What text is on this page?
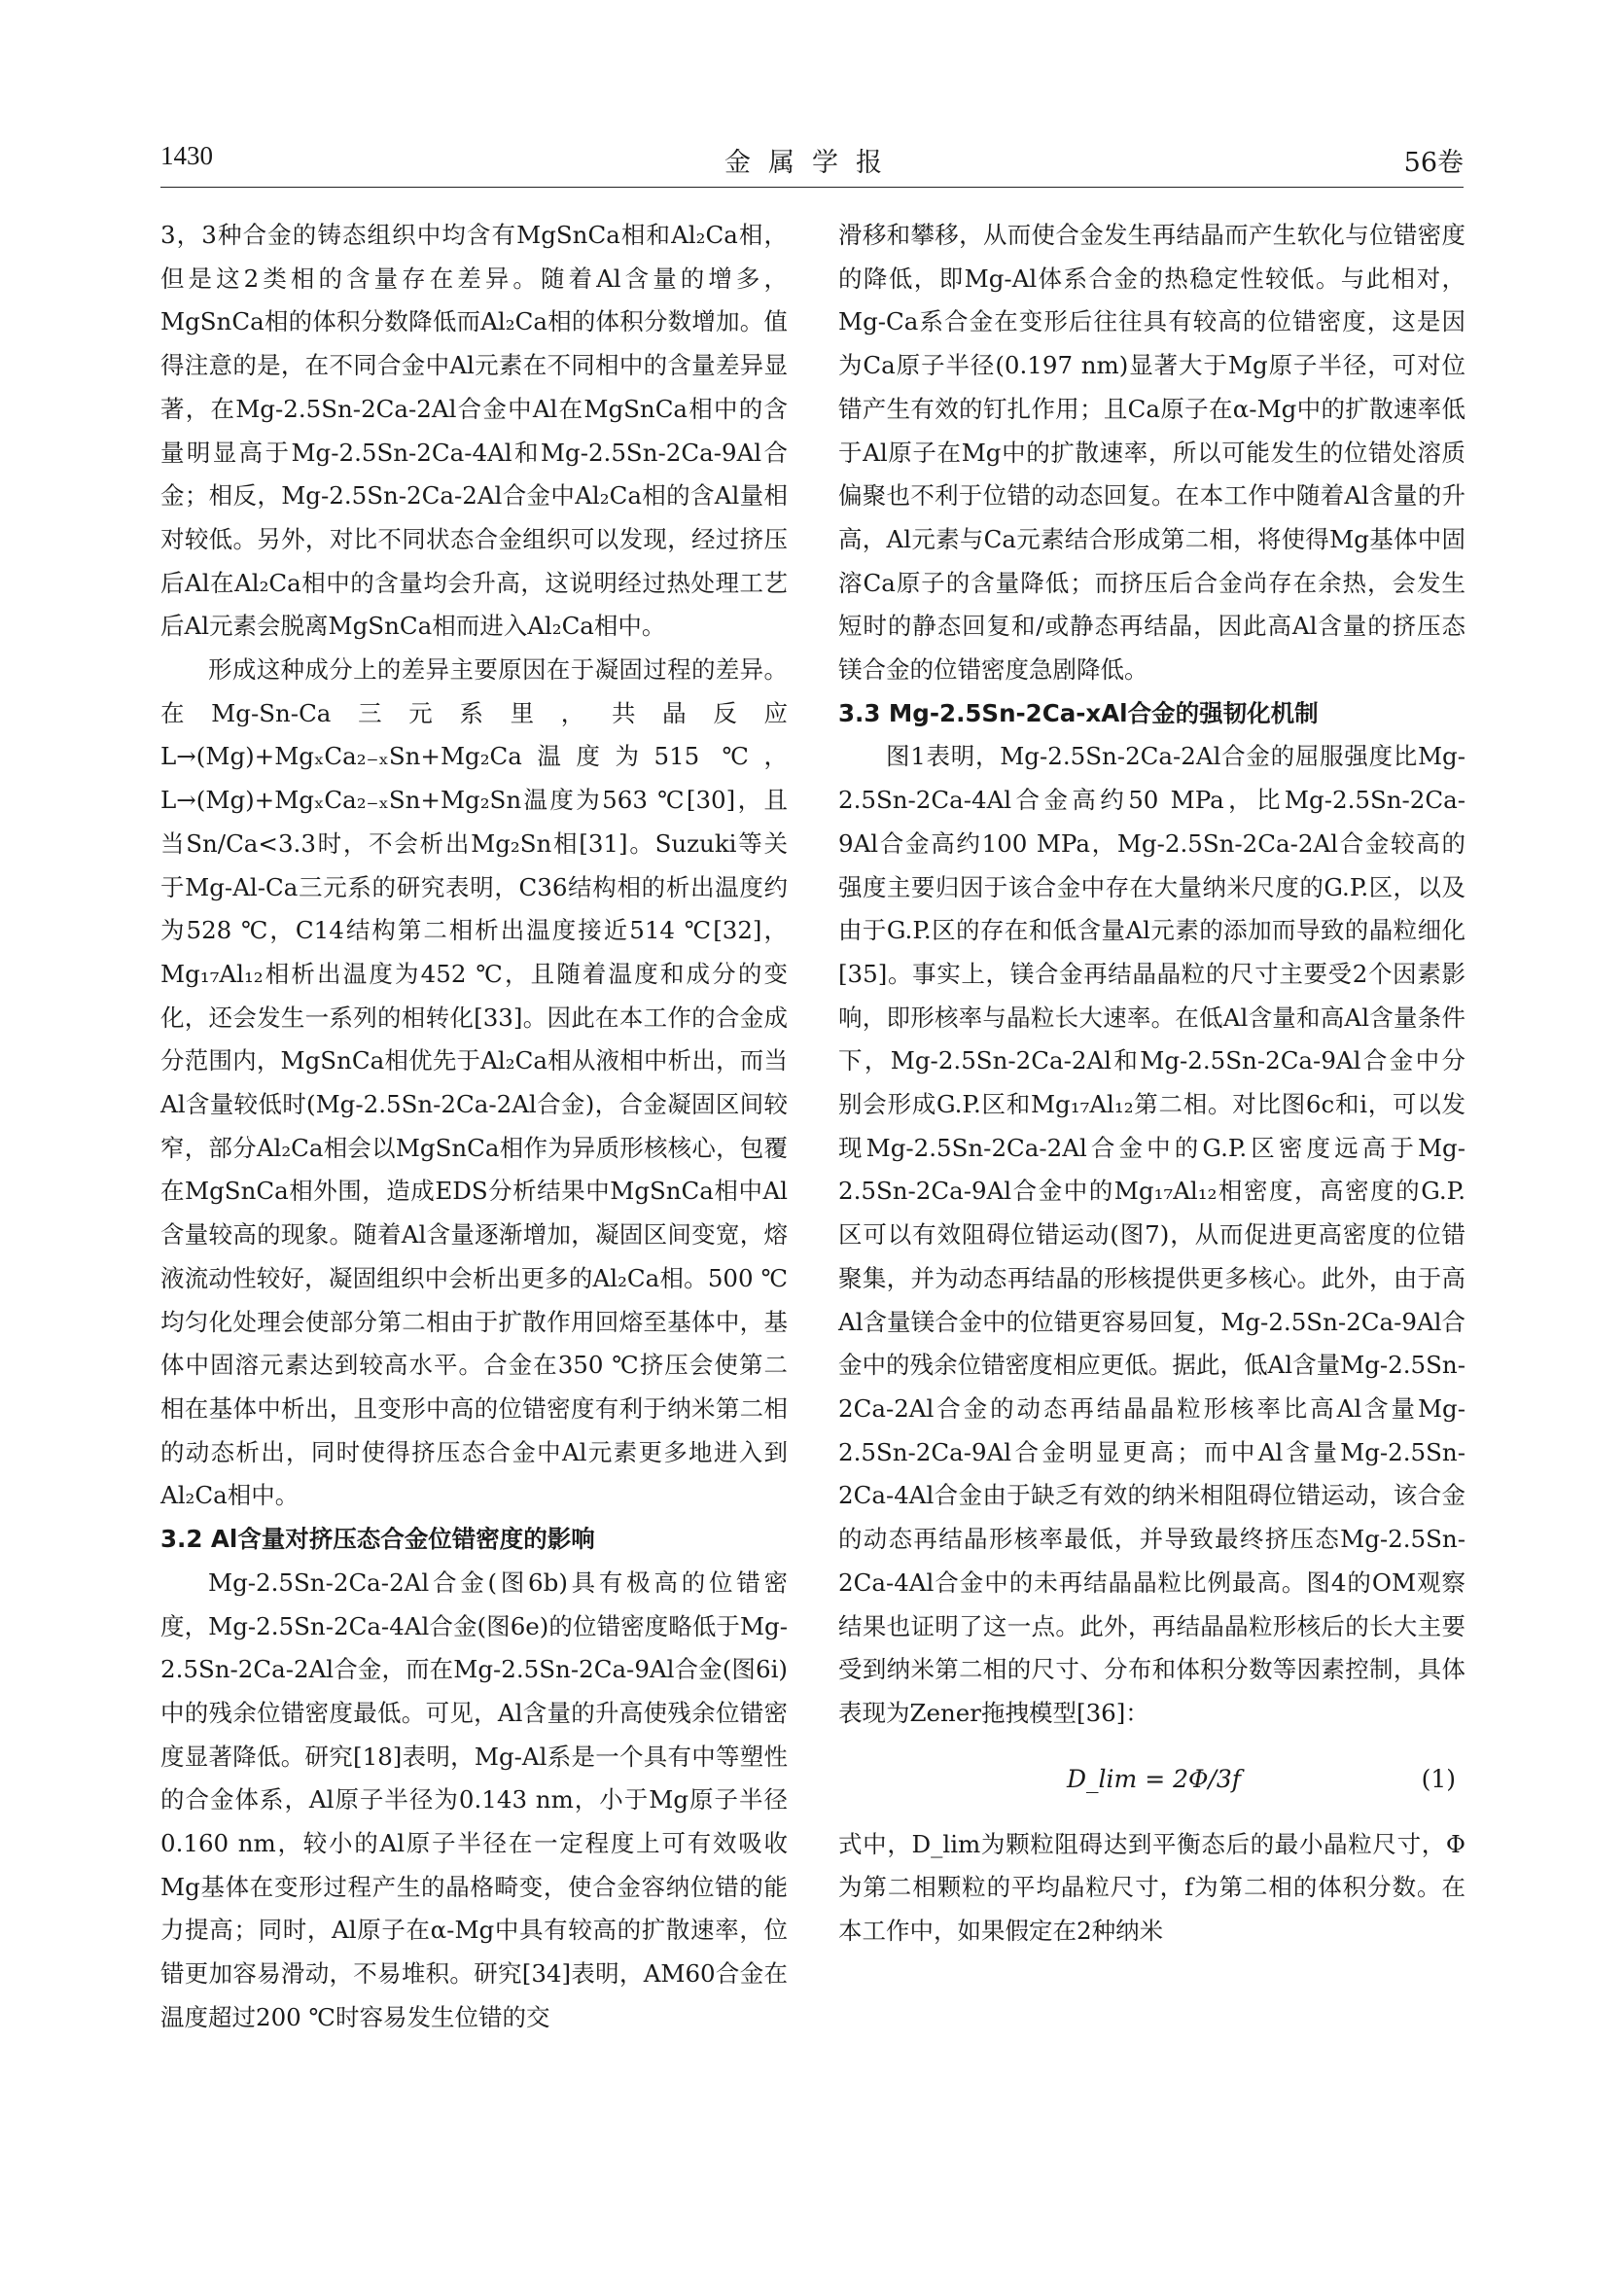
1430	金属学报	56卷

3，3种合金的铸态组织中均含有MgSnCa相和Al₂Ca相，但是这2类相的含量存在差异。随着Al含量的增多，MgSnCa相的体积分数降低而Al₂Ca相的体积分数增加。值得注意的是，在不同合金中Al元素在不同相中的含量差异显著，在Mg-2.5Sn-2Ca-2Al合金中Al在MgSnCa相中的含量明显高于Mg-2.5Sn-2Ca-4Al和Mg-2.5Sn-2Ca-9Al合金；相反，Mg-2.5Sn-2Ca-2Al合金中Al₂Ca相的含Al量相对较低。另外，对比不同状态合金组织可以发现，经过挤压后Al在Al₂Ca相中的含量均会升高，这说明经过热处理工艺后Al元素会脱离MgSnCa相而进入Al₂Ca相中。

形成这种成分上的差异主要原因在于凝固过程的差异。在Mg-Sn-Ca三元系里，共晶反应L→(Mg)+MgₓCa₂₋ₓSn+Mg₂Ca温度为515 ℃，L→(Mg)+MgₓCa₂₋ₓSn+Mg₂Sn温度为563 ℃[30]，且当Sn/Ca<3.3时，不会析出Mg₂Sn相[31]。Suzuki等关于Mg-Al-Ca三元系的研究表明，C36结构相的析出温度约为528 ℃，C14结构第二相析出温度接近514 ℃[32]，Mg₁₇Al₁₂相析出温度为452 ℃，且随着温度和成分的变化，还会发生一系列的相转化[33]。因此在本工作的合金成分范围内，MgSnCa相优先于Al₂Ca相从液相中析出，而当Al含量较低时(Mg-2.5Sn-2Ca-2Al合金)，合金凝固区间较窄，部分Al₂Ca相会以MgSnCa相作为异质形核核心，包覆在MgSnCa相外围，造成EDS分析结果中MgSnCa相中Al含量较高的现象。随着Al含量逐渐增加，凝固区间变宽，熔液流动性较好，凝固组织中会析出更多的Al₂Ca相。500 ℃均匀化处理会使部分第二相由于扩散作用回熔至基体中，基体中固溶元素达到较高水平。合金在350 ℃挤压会使第二相在基体中析出，且变形中高的位错密度有利于纳米第二相的动态析出，同时使得挤压态合金中Al元素更多地进入到Al₂Ca相中。

3.2 Al含量对挤压态合金位错密度的影响

Mg-2.5Sn-2Ca-2Al合金(图6b)具有极高的位错密度，Mg-2.5Sn-2Ca-4Al合金(图6e)的位错密度略低于Mg-2.5Sn-2Ca-2Al合金，而在Mg-2.5Sn-2Ca-9Al合金(图6i)中的残余位错密度最低。可见，Al含量的升高使残余位错密度显著降低。研究[18]表明，Mg-Al系是一个具有中等塑性的合金体系，Al原子半径为0.143 nm，小于Mg原子半径0.160 nm，较小的Al原子半径在一定程度上可有效吸收Mg基体在变形过程产生的晶格畸变，使合金容纳位错的能力提高；同时，Al原子在α-Mg中具有较高的扩散速率，位错更加容易滑动，不易堆积。研究[34]表明，AM60合金在温度超过200 ℃时容易发生位错的交

滑移和攀移，从而使合金发生再结晶而产生软化与位错密度的降低，即Mg-Al体系合金的热稳定性较低。与此相对，Mg-Ca系合金在变形后往往具有较高的位错密度，这是因为Ca原子半径(0.197 nm)显著大于Mg原子半径，可对位错产生有效的钉扎作用；且Ca原子在α-Mg中的扩散速率低于Al原子在Mg中的扩散速率，所以可能发生的位错处溶质偏聚也不利于位错的动态回复。在本工作中随着Al含量的升高，Al元素与Ca元素结合形成第二相，将使得Mg基体中固溶Ca原子的含量降低；而挤压后合金尚存在余热，会发生短时的静态回复和/或静态再结晶，因此高Al含量的挤压态镁合金的位错密度急剧降低。

3.3 Mg-2.5Sn-2Ca-xAl合金的强韧化机制

图1表明，Mg-2.5Sn-2Ca-2Al合金的屈服强度比Mg-2.5Sn-2Ca-4Al合金高约50 MPa，比Mg-2.5Sn-2Ca-9Al合金高约100 MPa，Mg-2.5Sn-2Ca-2Al合金较高的强度主要归因于该合金中存在大量纳米尺度的G.P.区，以及由于G.P.区的存在和低含量Al元素的添加而导致的晶粒细化[35]。事实上，镁合金再结晶晶粒的尺寸主要受2个因素影响，即形核率与晶粒长大速率。在低Al含量和高Al含量条件下，Mg-2.5Sn-2Ca-2Al和Mg-2.5Sn-2Ca-9Al合金中分别会形成G.P.区和Mg₁₇Al₁₂第二相。对比图6c和i，可以发现Mg-2.5Sn-2Ca-2Al合金中的G.P.区密度远高于Mg-2.5Sn-2Ca-9Al合金中的Mg₁₇Al₁₂相密度，高密度的G.P.区可以有效阻碍位错运动(图7)，从而促进更高密度的位错聚集，并为动态再结晶的形核提供更多核心。此外，由于高Al含量镁合金中的位错更容易回复，Mg-2.5Sn-2Ca-9Al合金中的残余位错密度相应更低。据此，低Al含量Mg-2.5Sn-2Ca-2Al合金的动态再结晶晶粒形核率比高Al含量Mg-2.5Sn-2Ca-9Al合金明显更高；而中Al含量Mg-2.5Sn-2Ca-4Al合金由于缺乏有效的纳米相阻碍位错运动，该合金的动态再结晶形核率最低，并导致最终挤压态Mg-2.5Sn-2Ca-4Al合金中的未再结晶晶粒比例最高。图4的OM观察结果也证明了这一点。此外，再结晶晶粒形核后的长大主要受到纳米第二相的尺寸、分布和体积分数等因素控制，具体表现为Zener拖拽模型[36]：

D_lim = 2Φ/3f	(1)

式中，D_lim为颗粒阻碍达到平衡态后的最小晶粒尺寸，Φ为第二相颗粒的平均晶粒尺寸，f为第二相的体积分数。在本工作中，如果假定在2种纳米
